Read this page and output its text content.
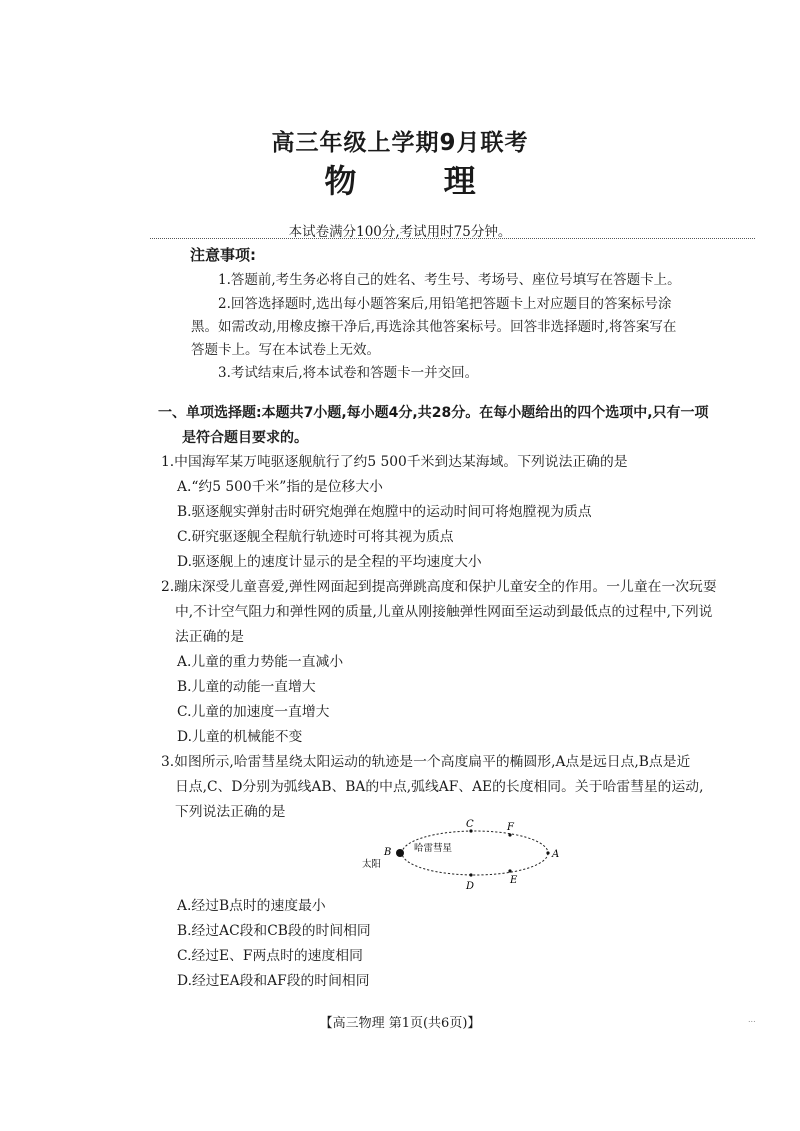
高三年级上学期9月联考
物 理
本试卷满分100分,考试用时75分钟。
注意事项:
1.答题前,考生务必将自己的姓名、考生号、考场号、座位号填写在答题卡上。
2.回答选择题时,选出每小题答案后,用铅笔把答题卡上对应题目的答案标号涂
黑。如需改动,用橡皮擦干净后,再选涂其他答案标号。回答非选择题时,将答案写在
答题卡上。写在本试卷上无效。
3.考试结束后,将本试卷和答题卡一并交回。
一、单项选择题:本题共7小题,每小题4分,共28分。在每小题给出的四个选项中,只有一项
是符合题目要求的。
1.中国海军某万吨驱逐舰航行了约5 500千米到达某海域。下列说法正确的是
A.“约5 500千米”指的是位移大小
B.驱逐舰实弹射击时研究炮弹在炮膛中的运动时间可将炮膛视为质点
C.研究驱逐舰全程航行轨迹时可将其视为质点
D.驱逐舰上的速度计显示的是全程的平均速度大小
2.蹦床深受儿童喜爱,弹性网面起到提高弹跳高度和保护儿童安全的作用。一儿童在一次玩耍
中,不计空气阻力和弹性网的质量,儿童从刚接触弹性网面至运动到最低点的过程中,下列说
法正确的是
A.儿童的重力势能一直减小
B.儿童的动能一直增大
C.儿童的加速度一直增大
D.儿童的机械能不变
3.如图所示,哈雷彗星绕太阳运动的轨迹是一个高度扁平的椭圆形,A点是远日点,B点是近
日点,C、D分别为弧线AB、BA的中点,弧线AF、AE的长度相同。关于哈雷彗星的运动,
下列说法正确的是
B
太阳
哈雷彗星
C	F
A
E
D
A.经过B点时的速度最小
B.经过AC段和CB段的时间相同
C.经过E、F两点时的速度相同
D.经过EA段和AF段的时间相同
【高三物理 第1页(共6页)】	...
